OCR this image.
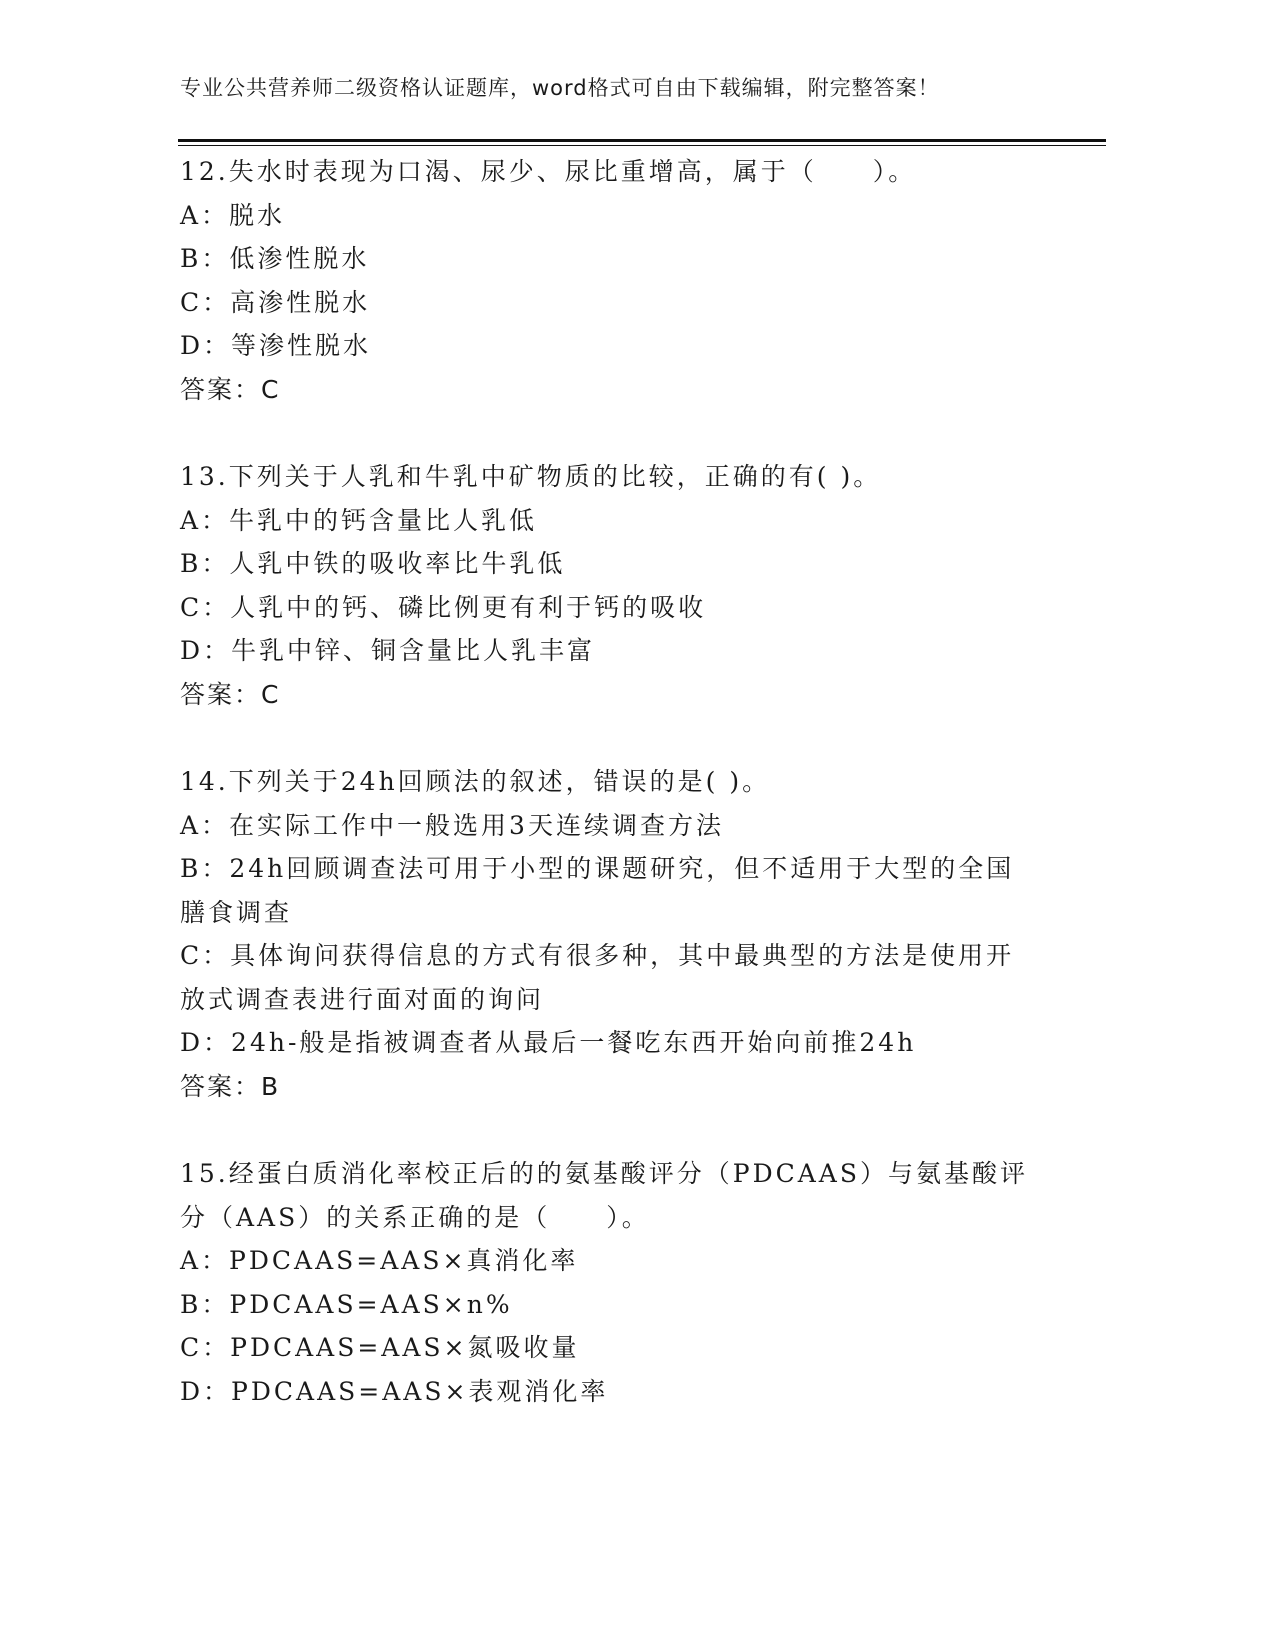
专业公共营养师二级资格认证题库，word格式可自由下载编辑，附完整答案！

12.失水时表现为口渴、尿少、尿比重增高，属于（　　）。

A：脱水

B：低渗性脱水

C：高渗性脱水

D：等渗性脱水

答案：C

13.下列关于人乳和牛乳中矿物质的比较，正确的有( )。

A：牛乳中的钙含量比人乳低

B：人乳中铁的吸收率比牛乳低

C：人乳中的钙、磷比例更有利于钙的吸收

D：牛乳中锌、铜含量比人乳丰富

答案：C

14.下列关于24h回顾法的叙述，错误的是( )。

A：在实际工作中一般选用3天连续调查方法

B：24h回顾调查法可用于小型的课题研究，但不适用于大型的全国膳食调查

C：具体询问获得信息的方式有很多种，其中最典型的方法是使用开放式调查表进行面对面的询问

D：24h-般是指被调查者从最后一餐吃东西开始向前推24h

答案：B

15.经蛋白质消化率校正后的的氨基酸评分（PDCAAS）与氨基酸评分（AAS）的关系正确的是（　　）。

A：PDCAAS=AAS×真消化率

B：PDCAAS=AAS×n%

C：PDCAAS=AAS×氮吸收量

D：PDCAAS=AAS×表观消化率
